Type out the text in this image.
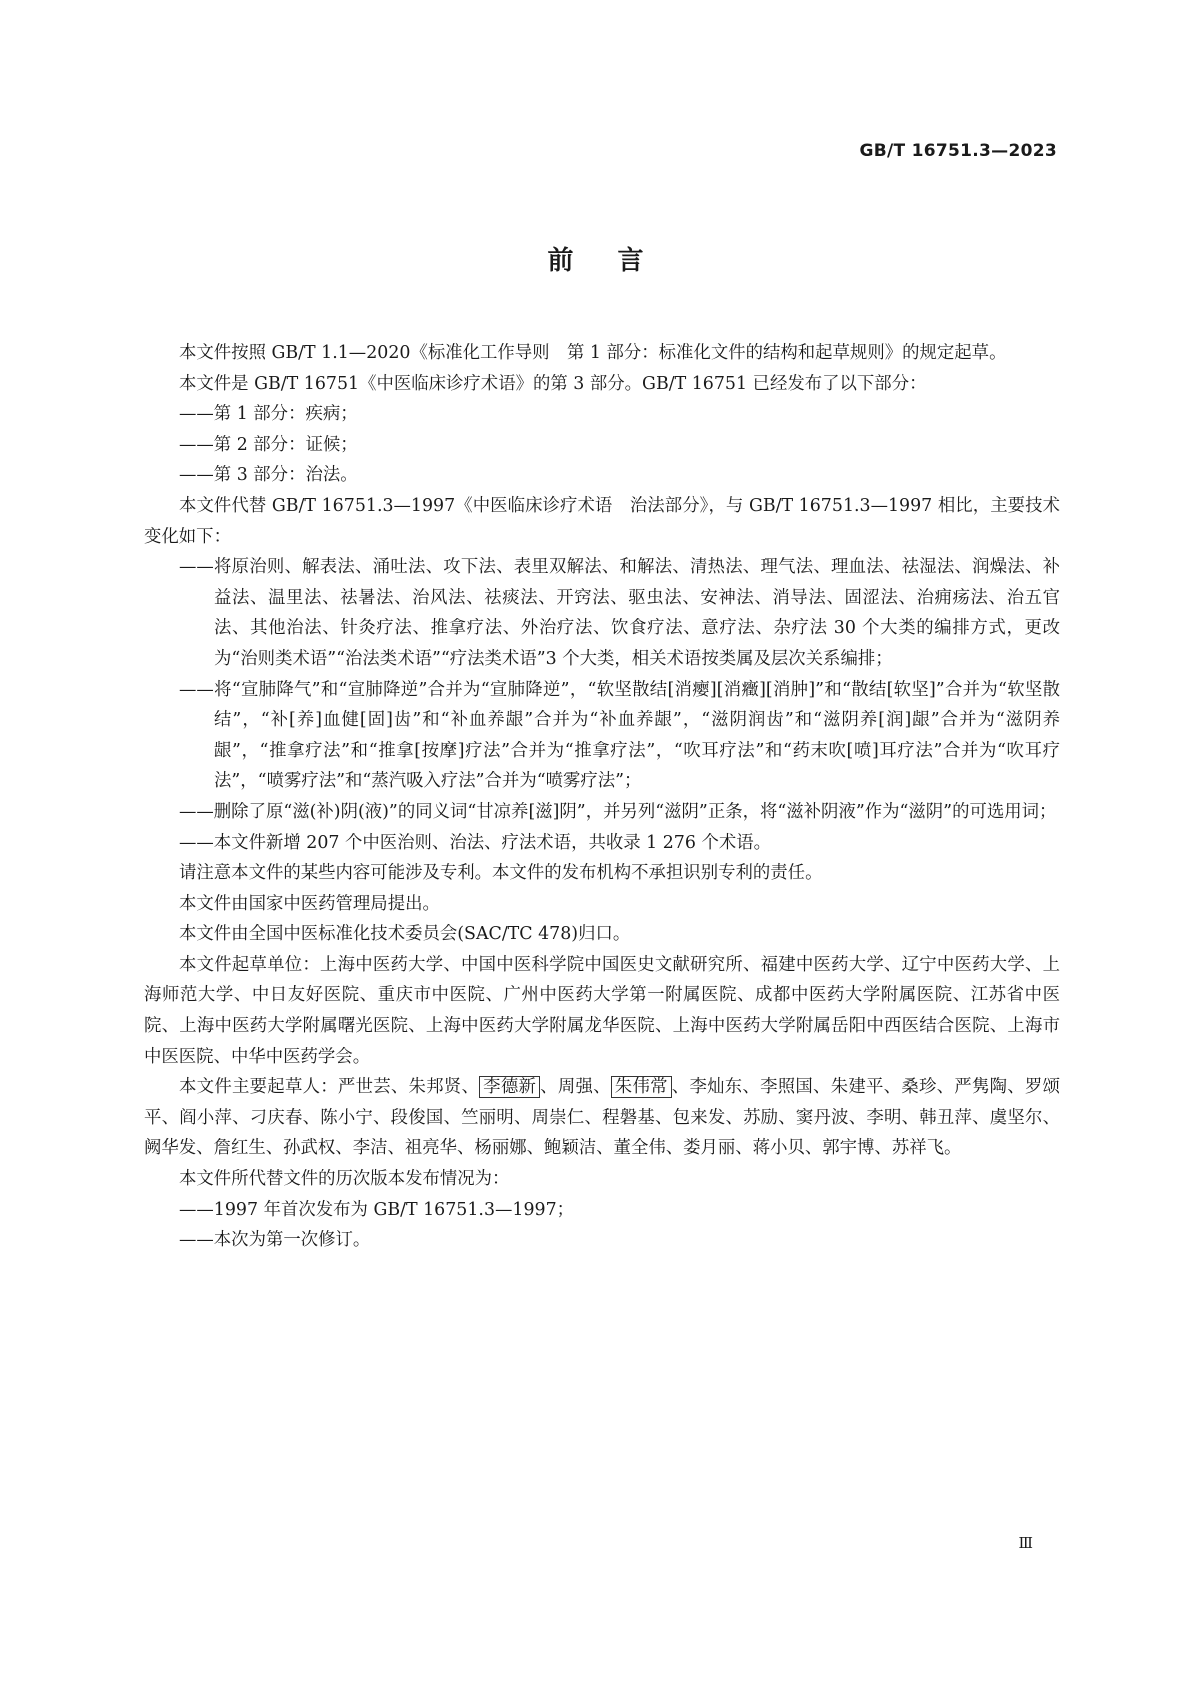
GB/T 16751.3—2023
前言

本文件按照 GB/T 1.1—2020《标准化工作导则　第 1 部分：标准化文件的结构和起草规则》的规定起草。

本文件是 GB/T 16751《中医临床诊疗术语》的第 3 部分。GB/T 16751 已经发布了以下部分：

——第 1 部分：疾病；

——第 2 部分：证候；

——第 3 部分：治法。

本文件代替 GB/T 16751.3—1997《中医临床诊疗术语　治法部分》，与 GB/T 16751.3—1997 相比，主要技术变化如下：

——将原治则、解表法、涌吐法、攻下法、表里双解法、和解法、清热法、理气法、理血法、祛湿法、润燥法、补益法、温里法、祛暑法、治风法、祛痰法、开窍法、驱虫法、安神法、消导法、固涩法、治痈疡法、治五官法、其他治法、针灸疗法、推拿疗法、外治疗法、饮食疗法、意疗法、杂疗法 30 个大类的编排方式，更改为“治则类术语”“治法类术语”“疗法类术语”3 个大类，相关术语按类属及层次关系编排；

——将“宣肺降气”和“宣肺降逆”合并为“宣肺降逆”，“软坚散结[消瘿][消癥][消肿]”和“散结[软坚]”合并为“软坚散结”，“补[养]血健[固]齿”和“补血养龈”合并为“补血养龈”，“滋阴润齿”和“滋阴养[润]龈”合并为“滋阴养龈”，“推拿疗法”和“推拿[按摩]疗法”合并为“推拿疗法”，“吹耳疗法”和“药末吹[喷]耳疗法”合并为“吹耳疗法”，“喷雾疗法”和“蒸汽吸入疗法”合并为“喷雾疗法”；

——删除了原“滋(补)阴(液)”的同义词“甘凉养[滋]阴”，并另列“滋阴”正条，将“滋补阴液”作为“滋阴”的可选用词；

——本文件新增 207 个中医治则、治法、疗法术语，共收录 1 276 个术语。

请注意本文件的某些内容可能涉及专利。本文件的发布机构不承担识别专利的责任。

本文件由国家中医药管理局提出。

本文件由全国中医标准化技术委员会(SAC/TC 478)归口。

本文件起草单位：上海中医药大学、中国中医科学院中国医史文献研究所、福建中医药大学、辽宁中医药大学、上海师范大学、中日友好医院、重庆市中医院、广州中医药大学第一附属医院、成都中医药大学附属医院、江苏省中医院、上海中医药大学附属曙光医院、上海中医药大学附属龙华医院、上海中医药大学附属岳阳中西医结合医院、上海市中医医院、中华中医药学会。

本文件主要起草人：严世芸、朱邦贤、 李德新 、周强、 朱伟常 、李灿东、李照国、朱建平、桑珍、严隽陶、罗颂平、阎小萍、刁庆春、陈小宁、段俊国、竺丽明、周崇仁、程磐基、包来发、苏励、窦丹波、李明、韩丑萍、虞坚尔、阙华发、詹红生、孙武权、李洁、祖亮华、杨丽娜、鲍颖洁、董全伟、娄月丽、蒋小贝、郭宇博、苏祥飞。

本文件所代替文件的历次版本发布情况为：

——1997 年首次发布为 GB/T 16751.3—1997；

——本次为第一次修订。

Ⅲ
